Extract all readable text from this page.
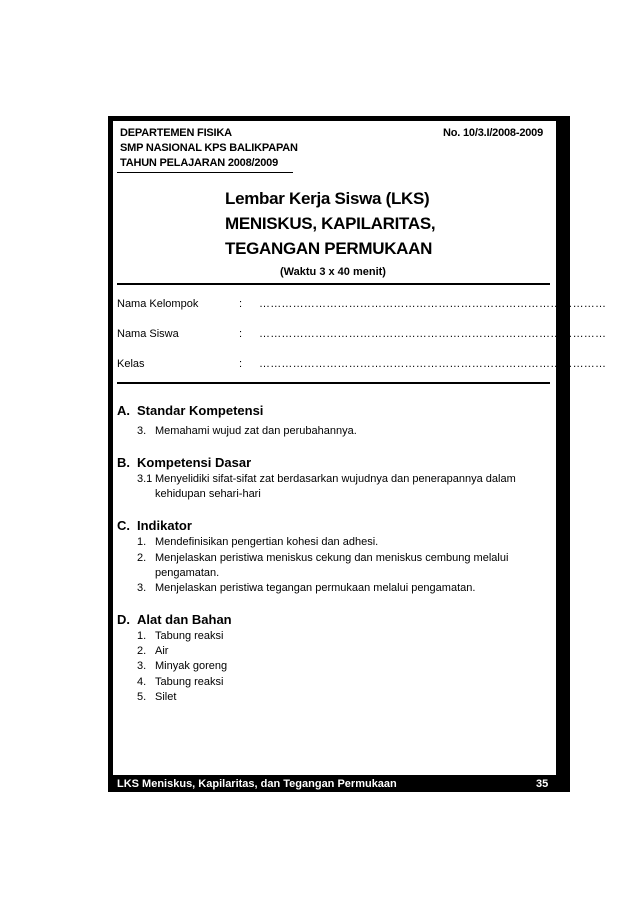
DEPARTEMEN FISIKA
SMP NASIONAL KPS BALIKPAPAN
TAHUN PELAJARAN 2008/2009
No. 10/3.I/2008-2009
Lembar Kerja Siswa (LKS)
MENISKUS, KAPILARITAS,
TEGANGAN PERMUKAAN
(Waktu 3 x 40 menit)
Nama Kelompok	: …………………………………………………………………………………
Nama Siswa	: …………………………………………………………………………………
Kelas	: …………………………………………………………………………………
A. Standar Kompetensi
3. Memahami wujud zat dan perubahannya.
B. Kompetensi Dasar
3.1 Menyelidiki sifat-sifat zat berdasarkan wujudnya dan penerapannya dalam
kehidupan sehari-hari
C. Indikator
1. Mendefinisikan pengertian kohesi dan adhesi.
2. Menjelaskan peristiwa meniskus cekung dan meniskus cembung melalui
pengamatan.
3. Menjelaskan peristiwa tegangan permukaan melalui pengamatan.
D. Alat dan Bahan
1. Tabung reaksi
2. Air
3. Minyak goreng
4. Tabung reaksi
5. Silet
LKS Meniskus, Kapilaritas, dan Tegangan Permukaan	35
